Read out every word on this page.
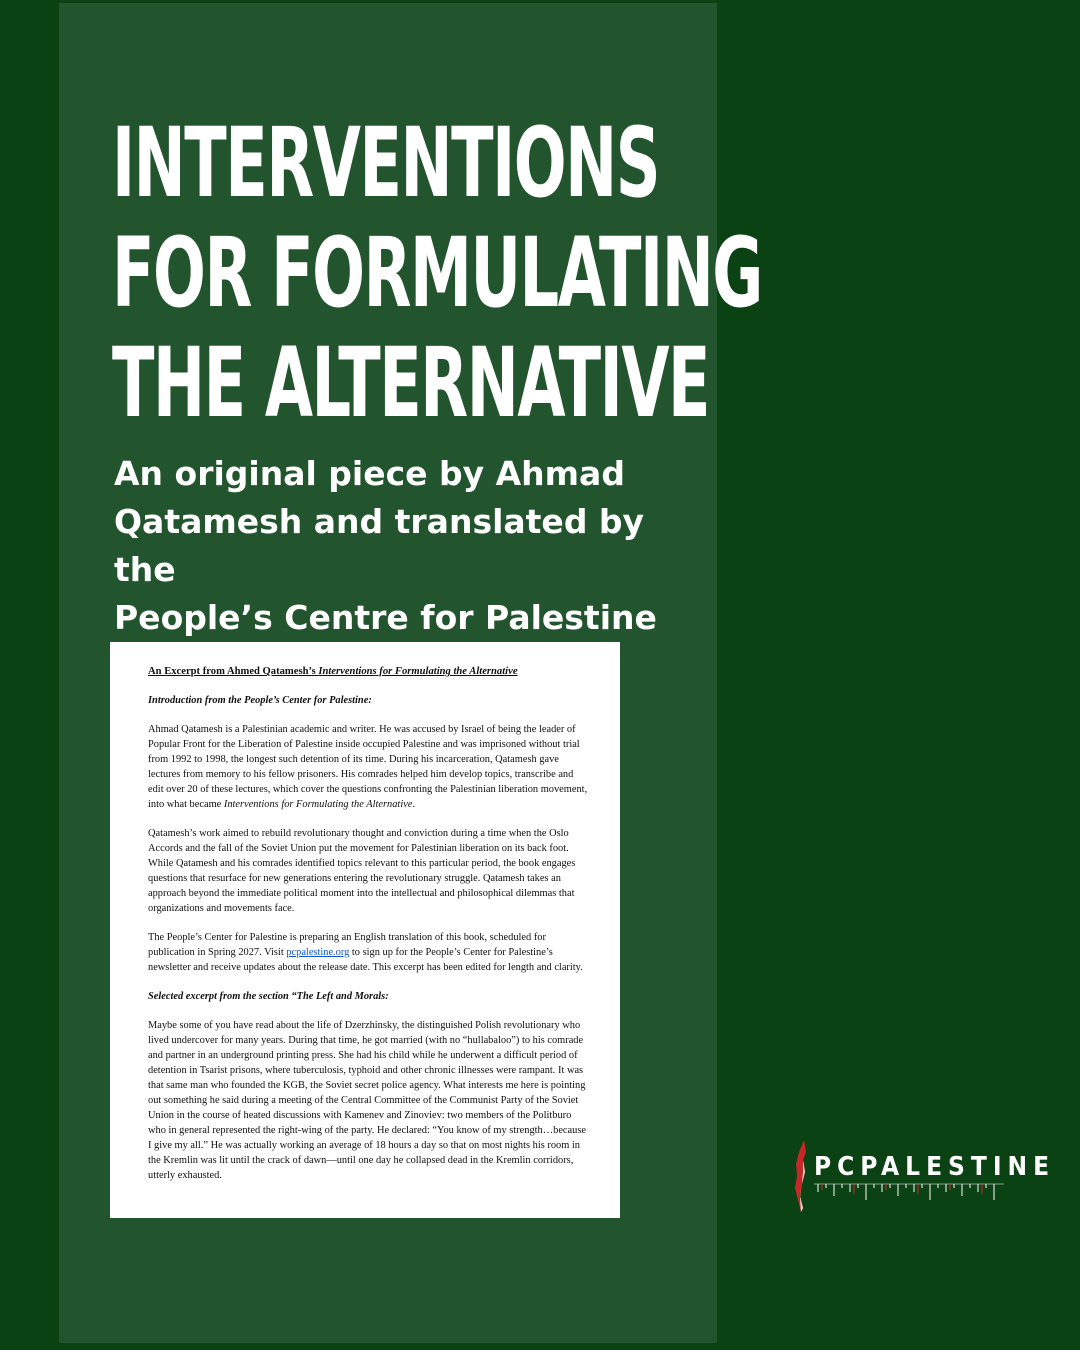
INTERVENTIONS
FOR FORMULATING
THE ALTERNATIVE

An original piece by Ahmad
Qatamesh and translated by the
People’s Centre for Palestine

An Excerpt from Ahmed Qatamesh’s Interventions for Formulating the Alternative

Introduction from the People’s Center for Palestine:

Ahmad Qatamesh is a Palestinian academic and writer. He was accused by Israel of being the leader of Popular Front for the Liberation of Palestine inside occupied Palestine and was imprisoned without trial from 1992 to 1998, the longest such detention of its time. During his incarceration, Qatamesh gave lectures from memory to his fellow prisoners. His comrades helped him develop topics, transcribe and edit over 20 of these lectures, which cover the questions confronting the Palestinian liberation movement, into what became Interventions for Formulating the Alternative.

Qatamesh’s work aimed to rebuild revolutionary thought and conviction during a time when the Oslo Accords and the fall of the Soviet Union put the movement for Palestinian liberation on its back foot. While Qatamesh and his comrades identified topics relevant to this particular period, the book engages questions that resurface for new generations entering the revolutionary struggle. Qatamesh takes an approach beyond the immediate political moment into the intellectual and philosophical dilemmas that organizations and movements face.

The People’s Center for Palestine is preparing an English translation of this book, scheduled for publication in Spring 2027. Visit pcpalestine.org to sign up for the People’s Center for Palestine’s newsletter and receive updates about the release date. This excerpt has been edited for length and clarity.

Selected excerpt from the section “The Left and Morals:

Maybe some of you have read about the life of Dzerzhinsky, the distinguished Polish revolutionary who lived undercover for many years. During that time, he got married (with no “hullabaloo”) to his comrade and partner in an underground printing press. She had his child while he underwent a difficult period of detention in Tsarist prisons, where tuberculosis, typhoid and other chronic illnesses were rampant. It was that same man who founded the KGB, the Soviet secret police agency. What interests me here is pointing out something he said during a meeting of the Central Committee of the Communist Party of the Soviet Union in the course of heated discussions with Kamenev and Zinoviev: two members of the Politburo who in general represented the right-wing of the party. He declared: “You know of my strength…because I give my all.” He was actually working an average of 18 hours a day so that on most nights his room in the Kremlin was lit until the crack of dawn—until one day he collapsed dead in the Kremlin corridors, utterly exhausted.	PCPALESTINE
